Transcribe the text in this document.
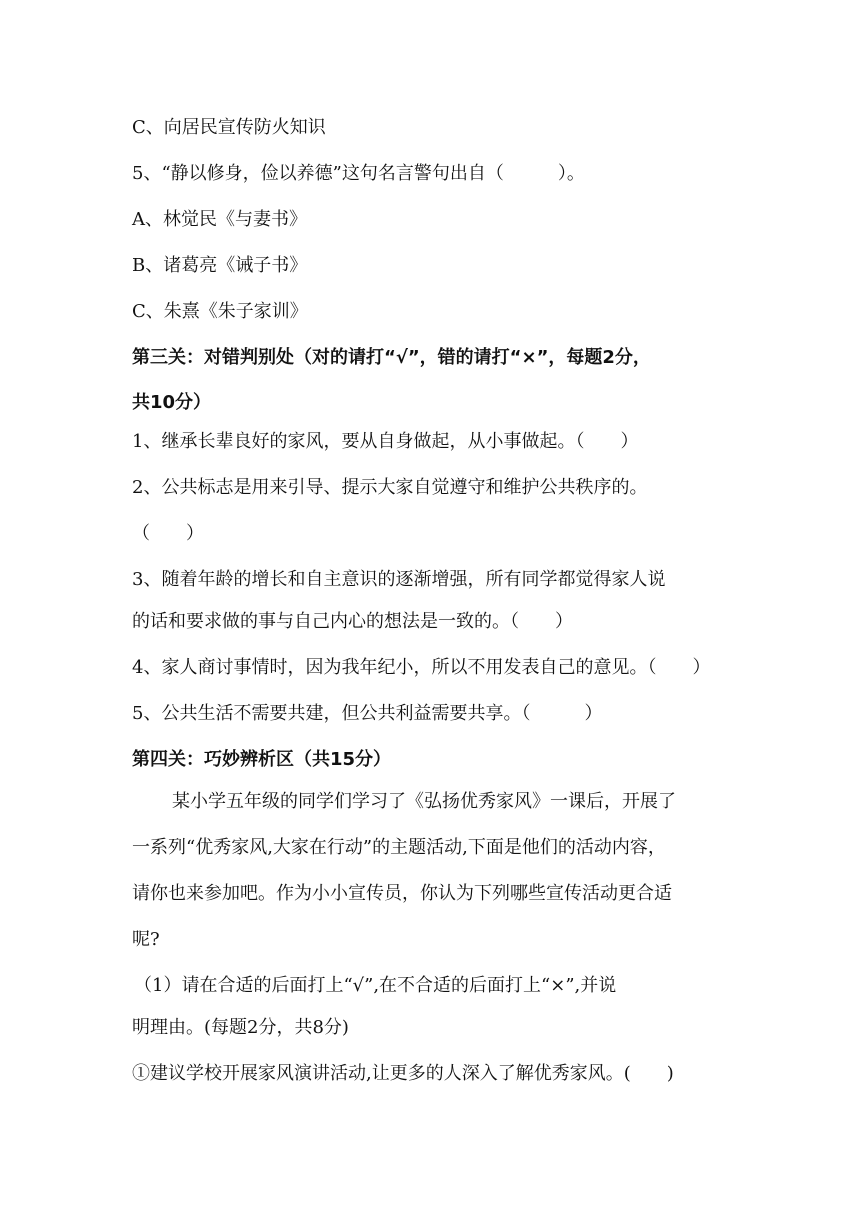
C、向居民宣传防火知识
5、“静以修身，俭以养德”这句名言警句出自（　　　）。
A、林觉民《与妻书》
B、诸葛亮《诫子书》
C、朱熹《朱子家训》
第三关：对错判别处（对的请打“√”，错的请打“×”，每题2分，
共10分）
1、继承长辈良好的家风，要从自身做起，从小事做起。（　　）
2、公共标志是用来引导、提示大家自觉遵守和维护公共秩序的。
（　　）
3、随着年龄的增长和自主意识的逐渐增强，所有同学都觉得家人说
的话和要求做的事与自己内心的想法是一致的。（　　）
4、家人商讨事情时，因为我年纪小，所以不用发表自己的意见。（　　）
5、公共生活不需要共建，但公共利益需要共享。（　　　）
第四关：巧妙辨析区（共15分）
某小学五年级的同学们学习了《弘扬优秀家风》一课后，开展了
一系列“优秀家风,大家在行动”的主题活动,下面是他们的活动内容，
请你也来参加吧。作为小小宣传员，你认为下列哪些宣传活动更合适
呢?
（1）请在合适的后面打上“√”,在不合适的后面打上“×”,并说
明理由。(每题2分，共8分)
①建议学校开展家风演讲活动,让更多的人深入了解优秀家风。(　　)
